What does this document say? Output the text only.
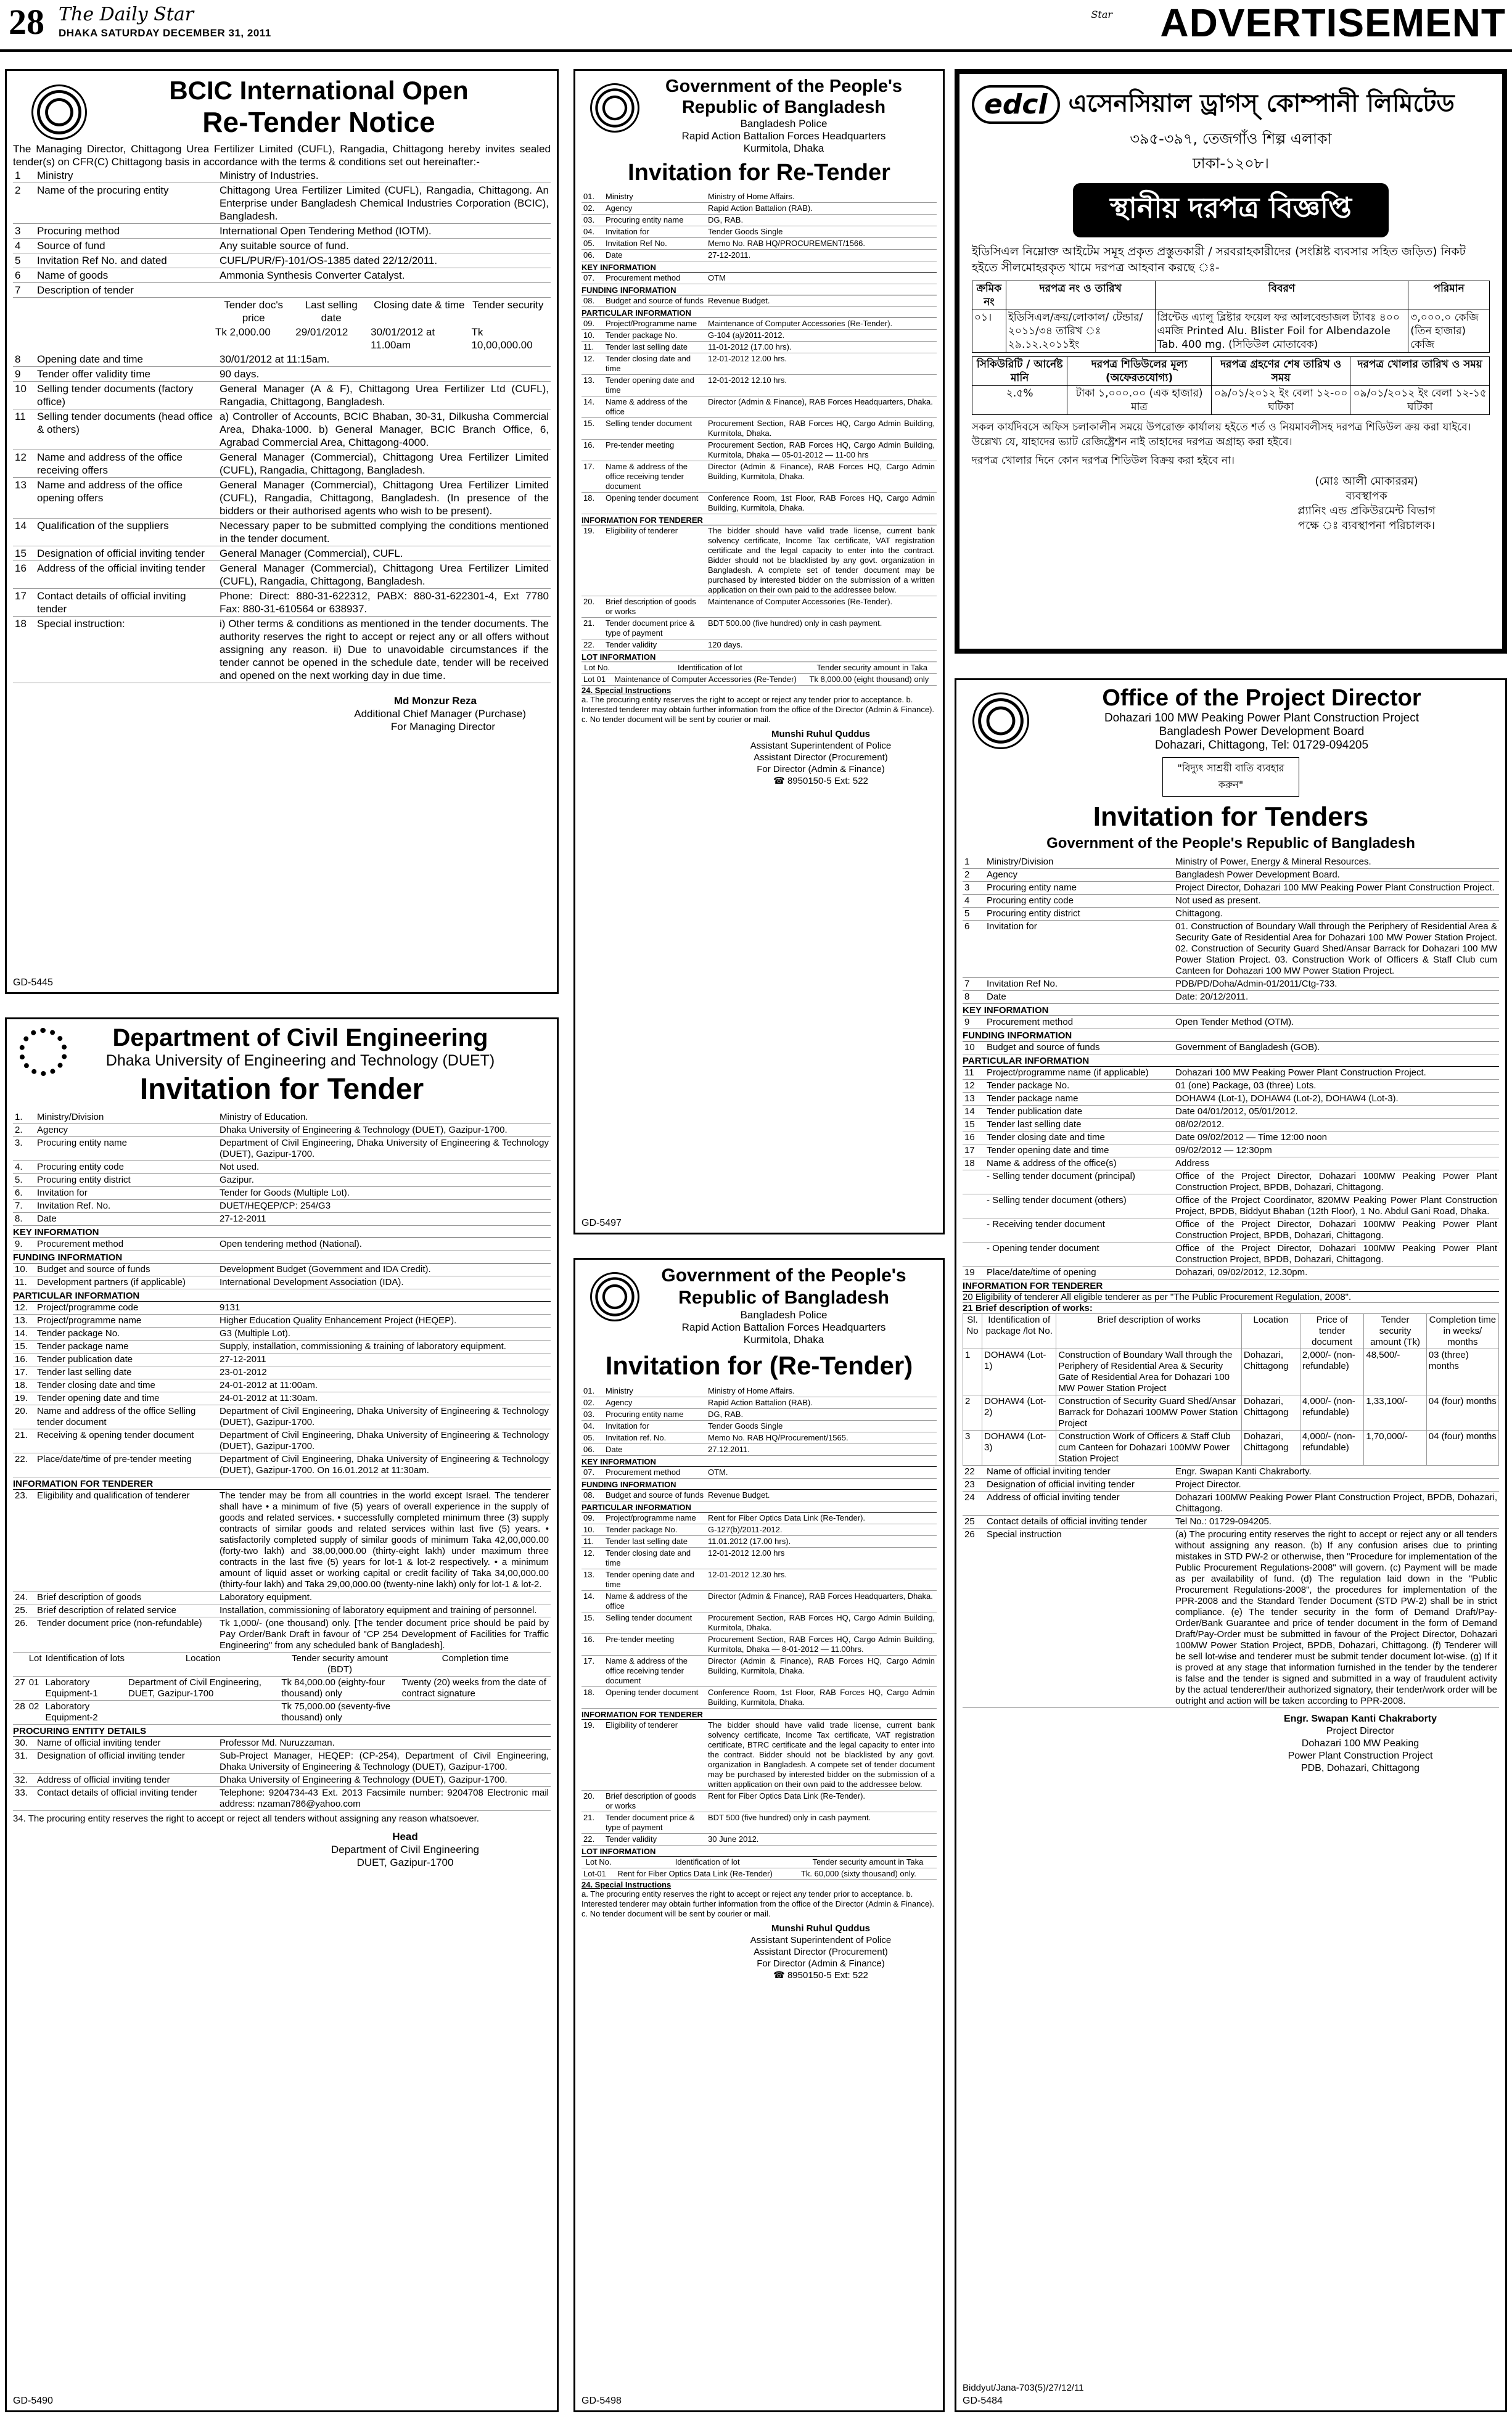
28 The Daily Star
DHAKA SATURDAY DECEMBER 31, 2011
Star ADVERTISEMENT
BCIC International Open
Re-Tender Notice

The Managing Director, Chittagong Urea Fertilizer Limited (CUFL), Rangadia, Chittagong hereby invites sealed tender(s) on CFR(C) Chittagong basis in accordance with the terms & conditions set out hereinafter:-

1	Ministry	Ministry of Industries.
2	Name of the procuring entity	Chittagong Urea Fertilizer Limited (CUFL), Rangadia, Chittagong. An Enterprise under Bangladesh Chemical Industries Corporation (BCIC), Bangladesh.
3	Procuring method	International Open Tendering Method (IOTM).
4	Source of fund	Any suitable source of fund.
5	Invitation Ref No. and dated	CUFL/PUR/F)-101/OS-1385 dated 22/12/2011.
6	Name of goods	Ammonia Synthesis Converter Catalyst.
7	Description of tender	
Tender doc's price	Last selling date	Closing date & time	Tender security
Tk 2,000.00	29/01/2012	30/01/2012 at 11.00am	Tk 10,00,000.00
8	Opening date and time	30/01/2012 at 11:15am.
9	Tender offer validity time	90 days.
10	Selling tender documents (factory office)	General Manager (A & F), Chittagong Urea Fertilizer Ltd (CUFL), Rangadia, Chittagong, Bangladesh.
11	Selling tender documents (head office & others)	a) Controller of Accounts, BCIC Bhaban, 30-31, Dilkusha Commercial Area, Dhaka-1000. b) General Manager, BCIC Branch Office, 6, Agrabad Commercial Area, Chittagong-4000.
12	Name and address of the office receiving offers	General Manager (Commercial), Chittagong Urea Fertilizer Limited (CUFL), Rangadia, Chittagong, Bangladesh.
13	Name and address of the office opening offers	General Manager (Commercial), Chittagong Urea Fertilizer Limited (CUFL), Rangadia, Chittagong, Bangladesh. (In presence of the bidders or their authorised agents who wish to be present).
14	Qualification of the suppliers	Necessary paper to be submitted complying the conditions mentioned in the tender document.
15	Designation of official inviting tender	General Manager (Commercial), CUFL.
16	Address of the official inviting tender	General Manager (Commercial), Chittagong Urea Fertilizer Limited (CUFL), Rangadia, Chittagong, Bangladesh.
17	Contact details of official inviting tender	Phone: Direct: 880-31-622312, PABX: 880-31-622301-4, Ext 7780 Fax: 880-31-610564 or 638937.
18	Special instruction:	i) Other terms & conditions as mentioned in the tender documents. The authority reserves the right to accept or reject any or all offers without assigning any reason. ii) Due to unavoidable circumstances if the tender cannot be opened in the schedule date, tender will be received and opened on the next working day in due time.
Md Monzur Reza
Additional Chief Manager (Purchase)
For Managing Director
GD-5445
Department of Civil Engineering
Dhaka University of Engineering and Technology (DUET)
Invitation for Tender
1.	Ministry/Division	Ministry of Education.
2.	Agency	Dhaka University of Engineering & Technology (DUET), Gazipur-1700.
3.	Procuring entity name	Department of Civil Engineering, Dhaka University of Engineering & Technology (DUET), Gazipur-1700.
4.	Procuring entity code	Not used.
5.	Procuring entity district	Gazipur.
6.	Invitation for	Tender for Goods (Multiple Lot).
7.	Invitation Ref. No.	DUET/HEQEP/CP: 254/G3
8.	Date	27-12-2011
KEY INFORMATION
9.	Procurement method	Open tendering method (National).
FUNDING INFORMATION
10.	Budget and source of funds	Development Budget (Government and IDA Credit).
11.	Development partners (if applicable)	International Development Association (IDA).
PARTICULAR INFORMATION
12.	Project/programme code	9131
13.	Project/programme name	Higher Education Quality Enhancement Project (HEQEP).
14.	Tender package No.	G3 (Multiple Lot).
15.	Tender package name	Supply, installation, commissioning & training of laboratory equipment.
16.	Tender publication date	27-12-2011
17.	Tender last selling date	23-01-2012
18.	Tender closing date and time	24-01-2012 at 11:00am.
19.	Tender opening date and time	24-01-2012 at 11:30am.
20.	Name and address of the office Selling tender document	Department of Civil Engineering, Dhaka University of Engineering & Technology (DUET), Gazipur-1700.
21.	Receiving & opening tender document	Department of Civil Engineering, Dhaka University of Engineering & Technology (DUET), Gazipur-1700.
22.	Place/date/time of pre-tender meeting	Department of Civil Engineering, Dhaka University of Engineering & Technology (DUET), Gazipur-1700. On 16.01.2012 at 11:30am.
INFORMATION FOR TENDERER
23.	Eligibility and qualification of tenderer	The tender may be from all countries in the world except Israel. The tenderer shall have • a minimum of five (5) years of overall experience in the supply of goods and related services. • successfully completed minimum three (3) supply contracts of similar goods and related services within last five (5) years. • satisfactorily completed supply of similar goods of minimum Taka 42,00,000.00 (forty-two lakh) and 38,00,000.00 (thirty-eight lakh) under maximum three contracts in the last five (5) years for lot-1 & lot-2 respectively. • a minimum amount of liquid asset or working capital or credit facility of Taka 34,00,000.00 (thirty-four lakh) and Taka 29,00,000.00 (twenty-nine lakh) only for lot-1 & lot-2.
24.	Brief description of goods	Laboratory equipment.
25.	Brief description of related service	Installation, commissioning of laboratory equipment and training of personnel.
26.	Tender document price (non-refundable)	Tk 1,000/- (one thousand) only. [The tender document price should be paid by Pay Order/Bank Draft in favour of "CP 254 Development of Facilities for Traffic Engineering" from any scheduled bank of Bangladesh].
	Lot	Identification of lots	Location	Tender security amount (BDT)	Completion time
27	01	Laboratory Equipment-1	Department of Civil Engineering, DUET, Gazipur-1700	Tk 84,000.00 (eighty-four thousand) only	Twenty (20) weeks from the date of contract signature
28	02	Laboratory Equipment-2		Tk 75,000.00 (seventy-five thousand) only	
PROCURING ENTITY DETAILS
30.	Name of official inviting tender	Professor Md. Nuruzzaman.
31.	Designation of official inviting tender	Sub-Project Manager, HEQEP: (CP-254), Department of Civil Engineering, Dhaka University of Engineering & Technology (DUET), Gazipur-1700.
32.	Address of official inviting tender	Dhaka University of Engineering & Technology (DUET), Gazipur-1700.
33.	Contact details of official inviting tender	Telephone: 9204734-43 Ext. 2013 Facsimile number: 9204708 Electronic mail address: nzaman786@yahoo.com

34. The procuring entity reserves the right to accept or reject all tenders without assigning any reason whatsoever.

Head
Department of Civil Engineering
DUET, Gazipur-1700
GD-5490
Government of the People's Republic of Bangladesh
Bangladesh Police
Rapid Action Battalion Forces Headquarters
Kurmitola, Dhaka
Invitation for Re-Tender
01.	Ministry	Ministry of Home Affairs.
02.	Agency	Rapid Action Battalion (RAB).
03.	Procuring entity name	DG, RAB.
04.	Invitation for	Tender Goods Single
05.	Invitation Ref No.	Memo No. RAB HQ/PROCUREMENT/1566.
06.	Date	27-12-2011.
KEY INFORMATION
07.	Procurement method	OTM
FUNDING INFORMATION
08.	Budget and source of funds	Revenue Budget.
PARTICULAR INFORMATION
09.	Project/Programme name	Maintenance of Computer Accessories (Re-Tender).
10.	Tender package No.	G-104 (a)/2011-2012.
11.	Tender last selling date	11-01-2012 (17.00 hrs).
12.	Tender closing date and time	12-01-2012 12.00 hrs.
13.	Tender opening date and time	12-01-2012 12.10 hrs.
14.	Name & address of the office	Director (Admin & Finance), RAB Forces Headquarters, Dhaka.
15.	Selling tender document	Procurement Section, RAB Forces HQ, Cargo Admin Building, Kurmitola, Dhaka.
16.	Pre-tender meeting	Procurement Section, RAB Forces HQ, Cargo Admin Building, Kurmitola, Dhaka — 05-01-2012 — 11-00 hrs
17.	Name & address of the office receiving tender document	Director (Admin & Finance), RAB Forces HQ, Cargo Admin Building, Kurmitola, Dhaka.
18.	Opening tender document	Conference Room, 1st Floor, RAB Forces HQ, Cargo Admin Building, Kurmitola, Dhaka.
INFORMATION FOR TENDERER
19.	Eligibility of tenderer	The bidder should have valid trade license, current bank solvency certificate, Income Tax certificate, VAT registration certificate and the legal capacity to enter into the contract. Bidder should not be blacklisted by any govt. organization in Bangladesh. A complete set of tender document may be purchased by interested bidder on the submission of a written application on their own paid to the addressee below.
20.	Brief description of goods or works	Maintenance of Computer Accessories (Re-Tender).
21.	Tender document price & type of payment	BDT 500.00 (five hundred) only in cash payment.
22.	Tender validity	120 days.
LOT INFORMATION
Lot No.	Identification of lot	Tender security amount in Taka
Lot 01	Maintenance of Computer Accessories (Re-Tender)	Tk 8,000.00 (eight thousand) only
24. Special Instructions

a. The procuring entity reserves the right to accept or reject any tender prior to acceptance. b. Interested tenderer may obtain further information from the office of the Director (Admin & Finance). c. No tender document will be sent by courier or mail.

Munshi Ruhul Quddus
Assistant Superintendent of Police
Assistant Director (Procurement)
For Director (Admin & Finance)
☎ 8950150-5 Ext: 522
GD-5497
Government of the People's Republic of Bangladesh
Bangladesh Police
Rapid Action Battalion Forces Headquarters
Kurmitola, Dhaka
Invitation for (Re-Tender)
01.	Ministry	Ministry of Home Affairs.
02.	Agency	Rapid Action Battalion (RAB).
03.	Procuring entity name	DG, RAB.
04.	Invitation for	Tender Goods Single
05.	Invitation ref. No.	Memo No. RAB HQ/Procurement/1565.
06.	Date	27.12.2011.
KEY INFORMATION
07.	Procurement method	OTM.
FUNDING INFORMATION
08.	Budget and source of funds	Revenue Budget.
PARTICULAR INFORMATION
09.	Project/programme name	Rent for Fiber Optics Data Link (Re-Tender).
10.	Tender package No.	G-127(b)/2011-2012.
11.	Tender last selling date	11.01.2012 (17.00 hrs).
12.	Tender closing date and time	12-01-2012 12.00 hrs
13.	Tender opening date and time	12-01-2012 12.30 hrs.
14.	Name & address of the office	Director (Admin & Finance), RAB Forces Headquarters, Dhaka.
15.	Selling tender document	Procurement Section, RAB Forces HQ, Cargo Admin Building, Kurmitola, Dhaka.
16.	Pre-tender meeting	Procurement Section, RAB Forces HQ, Cargo Admin Building, Kurmitola, Dhaka — 8-01-2012 — 11.00hrs.
17.	Name & address of the office receiving tender document	Director (Admin & Finance), RAB Forces HQ, Cargo Admin Building, Kurmitola, Dhaka.
18.	Opening tender document	Conference Room, 1st Floor, RAB Forces HQ, Cargo Admin Building, Kurmitola, Dhaka.
INFORMATION FOR TENDERER
19.	Eligibility of tenderer	The bidder should have valid trade license, current bank solvency certificate, Income Tax certificate, VAT registration certificate, BTRC certificate and the legal capacity to enter into the contract. Bidder should not be blacklisted by any govt. organization in Bangladesh. A compete set of tender document may be purchased by interested bidder on the submission of a written application on their own paid to the addressee below.
20.	Brief description of goods or works	Rent for Fiber Optics Data Link (Re-Tender).
21.	Tender document price & type of payment	BDT 500 (five hundred) only in cash payment.
22.	Tender validity	30 June 2012.
LOT INFORMATION
Lot No.	Identification of lot	Tender security amount in Taka
Lot-01	Rent for Fiber Optics Data Link (Re-Tender)	Tk. 60,000 (sixty thousand) only.
24. Special Instructions

a. The procuring entity reserves the right to accept or reject any tender prior to acceptance. b. Interested tenderer may obtain further information from the office of the Director (Admin & Finance). c. No tender document will be sent by courier or mail.

Munshi Ruhul Quddus
Assistant Superintendent of Police
Assistant Director (Procurement)
For Director (Admin & Finance)
☎ 8950150-5 Ext: 522
GD-5498
edcl এসেনসিয়াল ড্রাগস্ কোম্পানী লিমিটেড
৩৯৫-৩৯৭, তেজগাঁও শিল্প এলাকা
ঢাকা-১২০৮।
স্থানীয় দরপত্র বিজ্ঞপ্তি

ইডিসিএল নিম্নোক্ত আইটেম সমূহ প্রকৃত প্রস্তুতকারী / সরবরাহকারীদের (সংশ্লিষ্ট ব্যবসার সহিত জড়িত) নিকট হইতে সীলমোহরকৃত খামে দরপত্র আহবান করছে ঃ-

ক্রমিক নং	দরপত্র নং ও তারিখ	বিবরণ	পরিমান
০১।	ইডিসিএল/ক্রয়/লোকাল/ টেন্ডার/২০১১/৩৪ তারিখ ঃ ২৯.১২.২০১১ইং	প্রিন্টেড এ্যালু ব্লিষ্টার ফয়েল ফর আলবেন্ডাজল ট্যাবঃ ৪০০ এমজি Printed Alu. Blister Foil for Albendazole Tab. 400 mg. (সিডিউল মোতাবেক)	৩,০০০.০ কেজি (তিন হাজার) কেজি
সিকিউরিটি / আর্নেষ্ট মানি	দরপত্র শিডিউলের মূল্য (অফেরতযোগ্য)	দরপত্র গ্রহণের শেষ তারিখ ও সময়	দরপত্র খোলার তারিখ ও সময়
২.৫%	টাকা ১,০০০.০০ (এক হাজার) মাত্র	০৯/০১/২০১২ ইং বেলা ১২-০০ ঘটিকা	০৯/০১/২০১২ ইং বেলা ১২-১৫ ঘটিকা

সকল কার্যদিবসে অফিস চলাকালীন সময়ে উপরোক্ত কার্যালয় হইতে শর্ত ও নিয়মাবলীসহ দরপত্র শিডিউল ক্রয় করা যাইবে। উল্লেখ্য যে, যাহাদের ভ্যাট রেজিষ্ট্রেশন নাই তাহাদের দরপত্র অগ্রাহ্য করা হইবে।

দরপত্র খোলার দিনে কোন দরপত্র শিডিউল বিক্রয় করা হইবে না।

(মোঃ আলী মোকাররম)
ব্যবস্থাপক
প্ল্যানিং এন্ড প্রকিউরমেন্ট বিভাগ
পক্ষে ঃ ব্যবস্থাপনা পরিচালক।
Office of the Project Director
Dohazari 100 MW Peaking Power Plant Construction Project
Bangladesh Power Development Board
Dohazari, Chittagong, Tel: 01729-094205
"বিদ্যুৎ সাশ্রয়ী বাতি ব্যবহার করুন"
Invitation for Tenders
Government of the People's Republic of Bangladesh
1	Ministry/Division	Ministry of Power, Energy & Mineral Resources.
2	Agency	Bangladesh Power Development Board.
3	Procuring entity name	Project Director, Dohazari 100 MW Peaking Power Plant Construction Project.
4	Procuring entity code	Not used as present.
5	Procuring entity district	Chittagong.
6	Invitation for	01. Construction of Boundary Wall through the Periphery of Residential Area & Security Gate of Residential Area for Dohazari 100 MW Power Station Project. 02. Construction of Security Guard Shed/Ansar Barrack for Dohazari 100 MW Power Station Project. 03. Construction Work of Officers & Staff Club cum Canteen for Dohazari 100 MW Power Station Project.
7	Invitation Ref No.	PDB/PD/Doha/Admin-01/2011/Ctg-733.
8	Date	Date: 20/12/2011.
KEY INFORMATION
9	Procurement method	Open Tender Method (OTM).
FUNDING INFORMATION
10	Budget and source of funds	Government of Bangladesh (GOB).
PARTICULAR INFORMATION
11	Project/programme name (if applicable)	Dohazari 100 MW Peaking Power Plant Construction Project.
12	Tender package No.	01 (one) Package, 03 (three) Lots.
13	Tender package name	DOHAW4 (Lot-1), DOHAW4 (Lot-2), DOHAW4 (Lot-3).
14	Tender publication date	Date 04/01/2012, 05/01/2012.
15	Tender last selling date	08/02/2012.
16	Tender closing date and time	Date 09/02/2012 — Time 12:00 noon
17	Tender opening date and time	09/02/2012 — 12:30pm
18	Name & address of the office(s)	Address
	- Selling tender document (principal)	Office of the Project Director, Dohazari 100MW Peaking Power Plant Construction Project, BPDB, Dohazari, Chittagong.
	- Selling tender document (others)	Office of the Project Coordinator, 820MW Peaking Power Plant Construction Project, BPDB, Biddyut Bhaban (12th Floor), 1 No. Abdul Gani Road, Dhaka.
	- Receiving tender document	Office of the Project Director, Dohazari 100MW Peaking Power Plant Construction Project, BPDB, Dohazari, Chittagong.
	- Opening tender document	Office of the Project Director, Dohazari 100MW Peaking Power Plant Construction Project, BPDB, Dohazari, Chittagong.
19	Place/date/time of opening	Dohazari, 09/02/2012, 12.30pm.
INFORMATION FOR TENDERER
20 Eligibility of tenderer All eligible tenderer as per "The Public Procurement Regulation, 2008".
21 Brief description of works:
Sl. No	Identification of package /lot No.	Brief description of works	Location	Price of tender document	Tender security amount (Tk)	Completion time in weeks/ months
1	DOHAW4 (Lot-1)	Construction of Boundary Wall through the Periphery of Residential Area & Security Gate of Residential Area for Dohazari 100 MW Power Station Project	Dohazari, Chittagong	2,000/- (non-refundable)	48,500/-	03 (three) months
2	DOHAW4 (Lot-2)	Construction of Security Guard Shed/Ansar Barrack for Dohazari 100MW Power Station Project	Dohazari, Chittagong	4,000/- (non-refundable)	1,33,100/-	04 (four) months
3	DOHAW4 (Lot-3)	Construction Work of Officers & Staff Club cum Canteen for Dohazari 100MW Power Station Project	Dohazari, Chittagong	4,000/- (non-refundable)	1,70,000/-	04 (four) months
22	Name of official inviting tender	Engr. Swapan Kanti Chakraborty.
23	Designation of official inviting tender	Project Director.
24	Address of official inviting tender	Dohazari 100MW Peaking Power Plant Construction Project, BPDB, Dohazari, Chittagong.
25	Contact details of official inviting tender	Tel No.: 01729-094205.
26	Special instruction	(a) The procuring entity reserves the right to accept or reject any or all tenders without assigning any reason. (b) If any confusion arises due to printing mistakes in STD PW-2 or otherwise, then "Procedure for implementation of the Public Procurement Regulations-2008" will govern. (c) Payment will be made as per availability of fund. (d) The regulation laid down in the "Public Procurement Regulations-2008", the procedures for implementation of the PPR-2008 and the Standard Tender Document (STD PW-2) shall be in strict compliance. (e) The tender security in the form of Demand Draft/Pay-Order/Bank Guarantee and price of tender document in the form of Demand Draft/Pay-Order must be submitted in favour of the Project Director, Dohazari 100MW Power Station Project, BPDB, Dohazari, Chittagong. (f) Tenderer will be sell lot-wise and tenderer must be submit tender document lot-wise. (g) If it is proved at any stage that information furnished in the tender by the tenderer is false and the tender is signed and submitted in a way of fraudulent activity by the actual tenderer/their authorized signatory, their tender/work order will be outright and action will be taken according to PPR-2008.
Engr. Swapan Kanti Chakraborty
Project Director
Dohazari 100 MW Peaking
Power Plant Construction Project
PDB, Dohazari, Chittagong
Biddyut/Jana-703(5)/27/12/11
GD-5484
